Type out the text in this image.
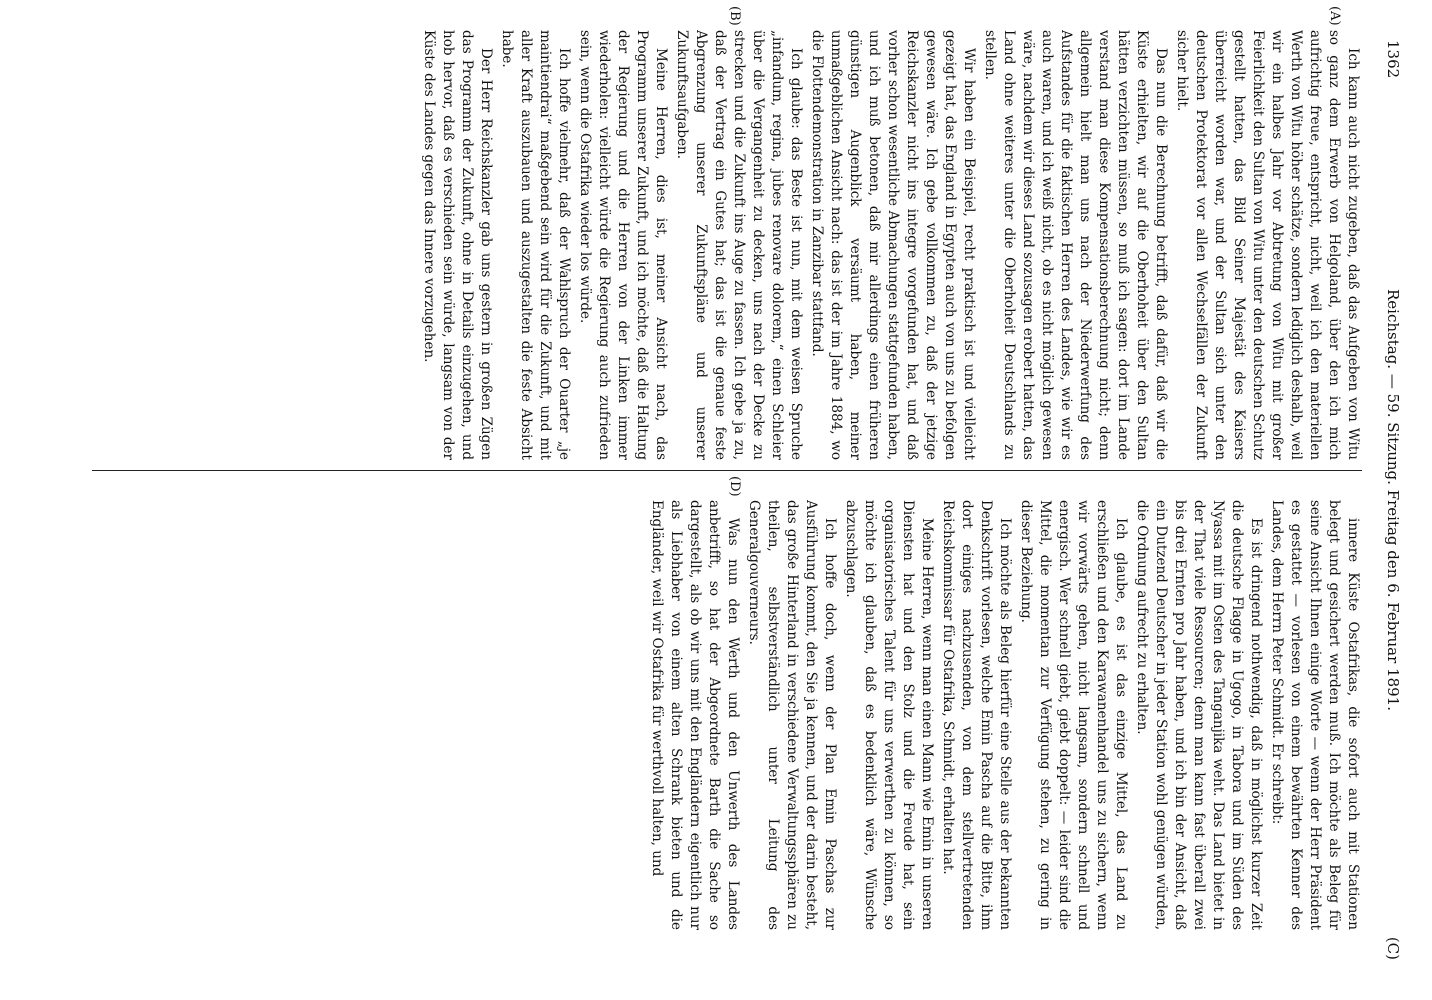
1362
Reichstag. — 59. Sitzung. Freitag den 6. Februar 1891.
(C)
(A)
(B)
(D)

Ich kann auch nicht zugeben, daß das Aufgeben von Witu so ganz dem Erwerb von Helgoland, über den ich mich aufrichtig freue, entspricht, nicht, weil ich den materiellen Werth von Witu höher schätze, sondern lediglich deshalb, weil wir ein halbes Jahr vor Abtretung von Witu mit großer Feierlichkeit den Sultan von Witu unter den deutschen Schutz gestellt hatten, das Bild Seiner Majestät des Kaisers überreicht worden war, und der Sultan sich unter den deutschen Protektorat vor allen Wechselfällen der Zukunft sicher hielt.

Das nun die Berechnung betrifft, daß dafür, daß wir die Küste erhielten, wir auf die Oberhoheit über den Sultan hätten verzichten müssen, so muß ich sagen: dort im Lande verstand man diese Kompensationsberechnung nicht; denn allgemein hielt man uns nach der Niederwerfung des Aufstandes für die faktischen Herren des Landes, wie wir es auch waren, und ich weiß nicht, ob es nicht möglich gewesen wäre, nachdem wir dieses Land sozusagen erobert hatten, das Land ohne weiteres unter die Oberhoheit Deutschlands zu stellen.

Wir haben ein Beispiel, recht praktisch ist und vielleicht gezeigt hat, das England in Egypten auch von uns zu befolgen gewesen wäre. Ich gebe vollkommen zu, daß der jetzige Reichskanzler nicht ins integre vorgefunden hat, und daß vorher schon wesentliche Abmachungen stattgefunden haben, und ich muß betonen, daß mir allerdings einen früheren günstigen Augenblick versäumt haben, meiner unmaßgeblichen Ansicht nach: das ist der im Jahre 1884, wo die Flottendemonstration in Zanzibar stattfand.

Ich glaube: das Beste ist nun, mit dem weisen Spruche „infandum, regina, jubes renovare dolorem,“ einen Schleier über die Vergangenheit zu decken, uns nach der Decke zu strecken und die Zukunft ins Auge zu fassen. Ich gebe ja zu, daß der Vertrag ein Gutes hat; das ist die genaue feste Abgrenzung unserer Zukunftspläne und unserer Zukunftsaufgaben.

Meine Herren, dies ist, meiner Ansicht nach, das Programm unserer Zukunft, und ich möchte, daß die Haltung der Regierung und die Herren von der Linken immer wiederholen: vielleicht würde die Regierung auch zufrieden sein, wenn die Ostafrika wieder los würde.

Ich hoffe vielmehr, daß der Wahlspruch der Ouarter „je maintiendrai“ maßgebend sein wird für die Zukunft, und mit aller Kraft auszubauen und auszugestalten die feste Absicht habe.

Der Herr Reichskanzler gab uns gestern in großen Zügen das Programm der Zukunft, ohne in Details einzugehen, und hob hervor, daß es verschieden sein würde, langsam von der Küste des Landes gegen das Innere vorzugehen.

innere Küste Ostafrikas, die sofort auch mit Stationen belegt und gesichert werden muß. Ich möchte als Beleg für seine Ansicht Ihnen einige Worte — wenn der Herr Präsident es gestattet — vorlesen von einem bewährten Kenner des Landes, dem Herrn Peter Schmidt. Er schreibt:

Es ist dringend nothwendig, daß in möglichst kurzer Zeit die deutsche Flagge in Ugogo, in Tabora und im Süden des Nyassa mit im Osten des Tanganjika weht. Das Land bietet in der That viele Ressourcen; denn man kann fast überall zwei bis drei Ernten pro Jahr haben, und ich bin der Ansicht, daß ein Dutzend Deutscher in jeder Station wohl genügen würden, die Ordnung aufrecht zu erhalten.

Ich glaube, es ist das einzige Mittel, das Land zu erschließen und den Karawanenhandel uns zu sichern, wenn wir vorwärts gehen, nicht langsam, sondern schnell und energisch. Wer schnell giebt, giebt doppelt: — leider sind die Mittel, die momentan zur Verfügung stehen, zu gering in dieser Beziehung.

Ich möchte als Beleg hierfür eine Stelle aus der bekannten Denkschrift vorlesen, welche Emin Pascha auf die Bitte, ihm dort einiges nachzusenden, von dem stellvertretenden Reichskommissar für Ostafrika, Schmidt, erhalten hat.

Meine Herren, wenn man einen Mann wie Emin in unseren Diensten hat und den Stolz und die Freude hat, sein organisatorisches Talent für uns verwerthen zu können, so möchte ich glauben, daß es bedenklich wäre, Wünsche abzuschlagen.

Ich hoffe doch, wenn der Plan Emin Paschas zur Ausführung kommt, den Sie ja kennen, und der darin besteht, das große Hinterland in verschiedene Verwaltungssphären zu theilen, selbstverständlich unter Leitung des Generalgouverneurs.

Was nun den Werth und den Unwerth des Landes anbetrifft, so hat der Abgeordnete Barth die Sache so dargestellt, als ob wir uns mit den Engländern eigentlich nur als Liebhaber von einem alten Schrank bieten und die Engländer, weil wir Ostafrika für werthvoll halten, und
